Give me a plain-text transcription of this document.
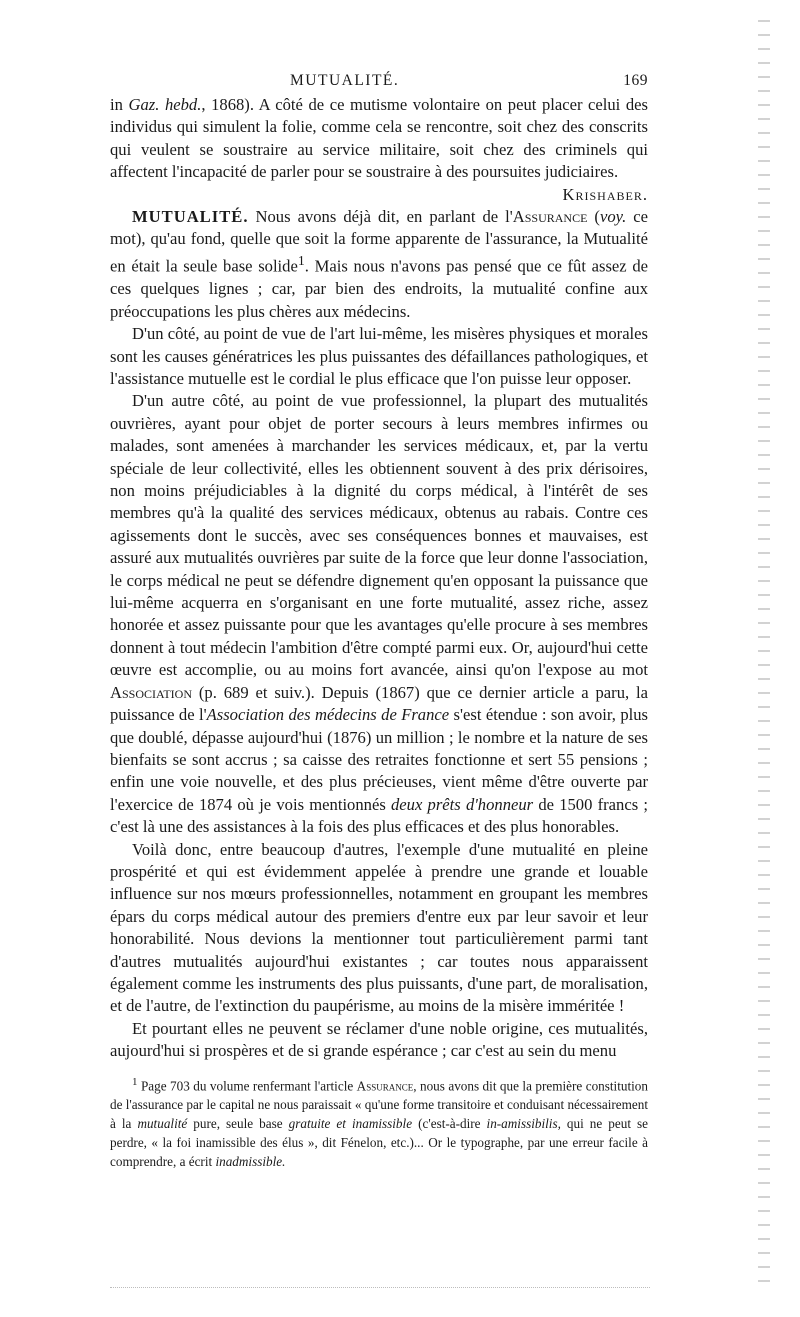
MUTUALITÉ.	169

in Gaz. hebd., 1868). A côté de ce mutisme volontaire on peut placer celui des individus qui simulent la folie, comme cela se rencontre, soit chez des conscrits qui veulent se soustraire au service militaire, soit chez des criminels qui affectent l'incapacité de parler pour se soustraire à des poursuites judiciaires.

Krishaber.

MUTUALITÉ. Nous avons déjà dit, en parlant de l'Assurance (voy. ce mot), qu'au fond, quelle que soit la forme apparente de l'assurance, la Mutualité en était la seule base solide$^1$. Mais nous n'avons pas pensé que ce fût assez de ces quelques lignes ; car, par bien des endroits, la mutualité confine aux préoccupations les plus chères aux médecins.

D'un côté, au point de vue de l'art lui-même, les misères physiques et morales sont les causes génératrices les plus puissantes des défaillances pathologiques, et l'assistance mutuelle est le cordial le plus efficace que l'on puisse leur opposer.

D'un autre côté, au point de vue professionnel, la plupart des mutualités ouvrières, ayant pour objet de porter secours à leurs membres infirmes ou malades, sont amenées à marchander les services médicaux, et, par la vertu spéciale de leur collectivité, elles les obtiennent souvent à des prix dérisoires, non moins préjudiciables à la dignité du corps médical, à l'intérêt de ses membres qu'à la qualité des services médicaux, obtenus au rabais. Contre ces agissements dont le succès, avec ses conséquences bonnes et mauvaises, est assuré aux mutualités ouvrières par suite de la force que leur donne l'association, le corps médical ne peut se défendre dignement qu'en opposant la puissance que lui-même acquerra en s'organisant en une forte mutualité, assez riche, assez honorée et assez puissante pour que les avantages qu'elle procure à ses membres donnent à tout médecin l'ambition d'être compté parmi eux. Or, aujourd'hui cette œuvre est accomplie, ou au moins fort avancée, ainsi qu'on l'expose au mot Association (p. 689 et suiv.). Depuis (1867) que ce dernier article a paru, la puissance de l'Association des médecins de France s'est étendue : son avoir, plus que doublé, dépasse aujourd'hui (1876) un million ; le nombre et la nature de ses bienfaits se sont accrus ; sa caisse des retraites fonctionne et sert 55 pensions ; enfin une voie nouvelle, et des plus précieuses, vient même d'être ouverte par l'exercice de 1874 où je vois mentionnés deux prêts d'honneur de 1500 francs ; c'est là une des assistances à la fois des plus efficaces et des plus honorables.

Voilà donc, entre beaucoup d'autres, l'exemple d'une mutualité en pleine prospérité et qui est évidemment appelée à prendre une grande et louable influence sur nos mœurs professionnelles, notamment en groupant les membres épars du corps médical autour des premiers d'entre eux par leur savoir et leur honorabilité. Nous devions la mentionner tout particulièrement parmi tant d'autres mutualités aujourd'hui existantes ; car toutes nous apparaissent également comme les instruments des plus puissants, d'une part, de moralisation, et de l'autre, de l'extinction du paupérisme, au moins de la misère imméritée !

Et pourtant elles ne peuvent se réclamer d'une noble origine, ces mutualités, aujourd'hui si prospères et de si grande espérance ; car c'est au sein du menu

$^1$ Page 703 du volume renfermant l'article Assurance, nous avons dit que la première constitution de l'assurance par le capital ne nous paraissait « qu'une forme transitoire et conduisant nécessairement à la mutualité pure, seule base gratuite et inamissible (c'est-à-dire in-amissibilis, qui ne peut se perdre, « la foi inamissible des élus », dit Fénelon, etc.)... Or le typographe, par une erreur facile à comprendre, a écrit inadmissible.
